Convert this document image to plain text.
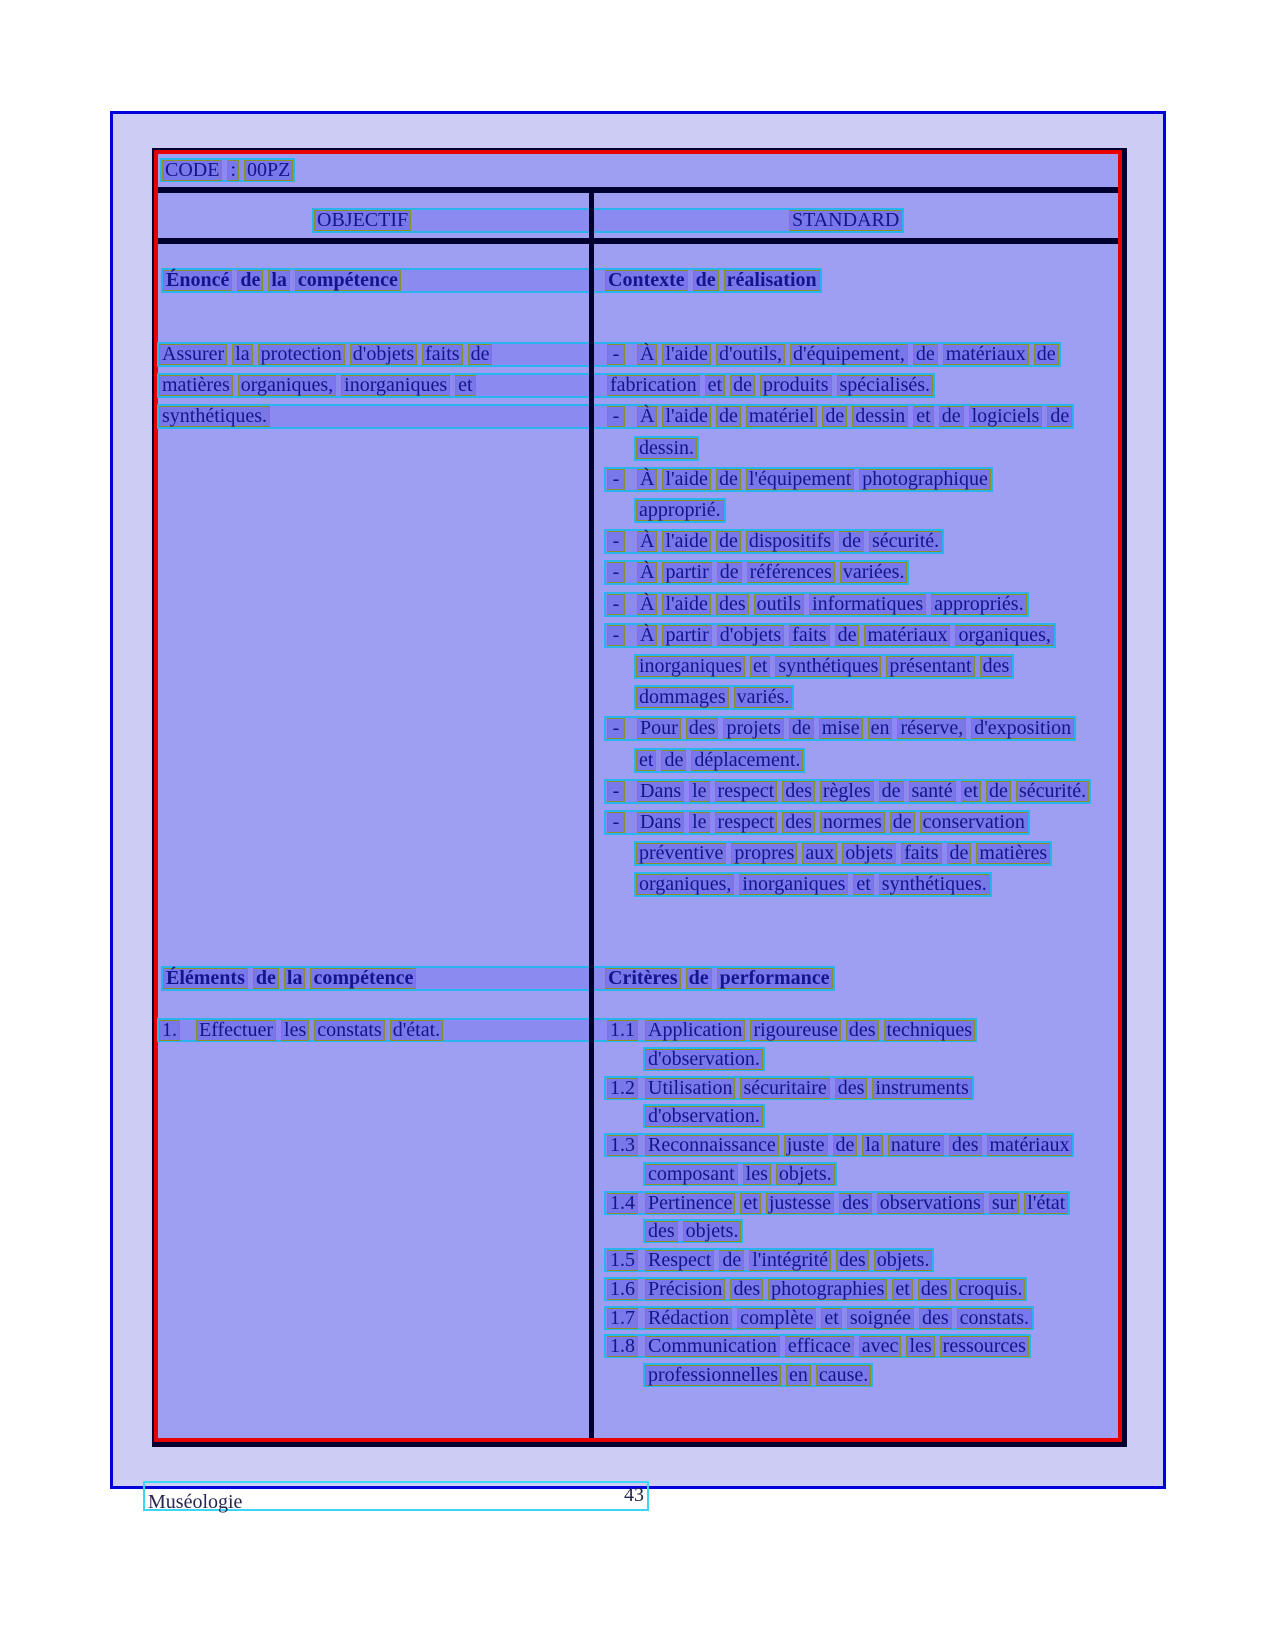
CODE : 00PZ
OBJECTIF	STANDARD
Énoncé de la compétence	Contexte de réalisation
Assurer la protection d'objets faits de	- À l'aide d'outils, d'équipement, de matériaux de
matières organiques, inorganiques et	fabrication et de produits spécialisés.
synthétiques.	- À l'aide de matériel de dessin et de logiciels de
dessin.
- À l'aide de l'équipement photographique
approprié.
- À l'aide de dispositifs de sécurité.
- À partir de références variées.
- À l'aide des outils informatiques appropriés.
- À partir d'objets faits de matériaux organiques,
inorganiques et synthétiques présentant des
dommages variés.
- Pour des projets de mise en réserve, d'exposition
et de déplacement.
- Dans le respect des règles de santé et de sécurité.
- Dans le respect des normes de conservation
préventive propres aux objets faits de matières
organiques, inorganiques et synthétiques.
Éléments de la compétence	Critères de performance
1. Effectuer les constats d'état.	1.1 Application rigoureuse des techniques
d'observation.
1.2 Utilisation sécuritaire des instruments
d'observation.
1.3 Reconnaissance juste de la nature des matériaux
composant les objets.
1.4 Pertinence et justesse des observations sur l'état
des objets.
1.5 Respect de l'intégrité des objets.
1.6 Précision des photographies et des croquis.
1.7 Rédaction complète et soignée des constats.
1.8 Communication efficace avec les ressources
professionnelles en cause.
Muséologie	43
